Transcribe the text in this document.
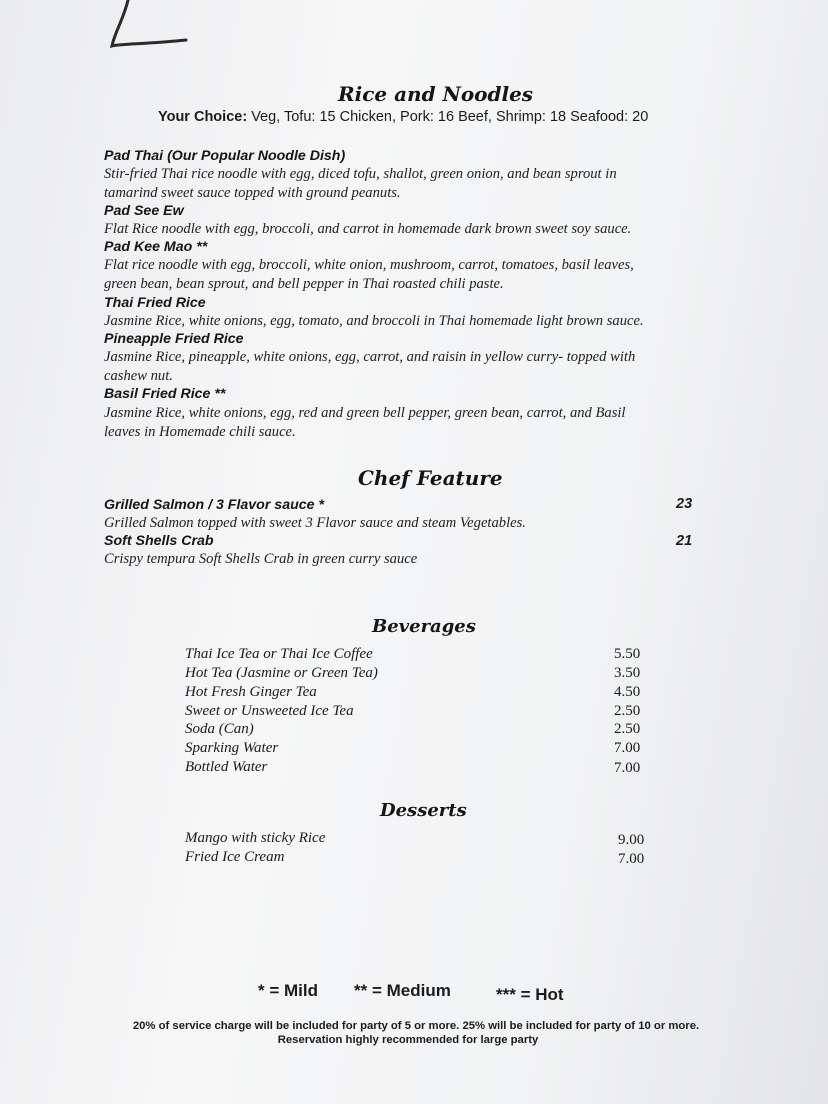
Rice and Noodles
Your Choice: Veg, Tofu: 15 Chicken, Pork: 16 Beef, Shrimp: 18 Seafood: 20
Pad Thai (Our Popular Noodle Dish)
Stir-fried Thai rice noodle with egg, diced tofu, shallot, green onion, and bean sprout in
tamarind sweet sauce topped with ground peanuts.
Pad See Ew
Flat Rice noodle with egg, broccoli, and carrot in homemade dark brown sweet soy sauce.
Pad Kee Mao **
Flat rice noodle with egg, broccoli, white onion, mushroom, carrot, tomatoes, basil leaves,
green bean, bean sprout, and bell pepper in Thai roasted chili paste.
Thai Fried Rice
Jasmine Rice, white onions, egg, tomato, and broccoli in Thai homemade light brown sauce.
Pineapple Fried Rice
Jasmine Rice, pineapple, white onions, egg, carrot, and raisin in yellow curry- topped with
cashew nut.
Basil Fried Rice **
Jasmine Rice, white onions, egg, red and green bell pepper, green bean, carrot, and Basil
leaves in Homemade chili sauce.
Chef Feature
Grilled Salmon / 3 Flavor sauce *	23
Grilled Salmon topped with sweet 3 Flavor sauce and steam Vegetables.
Soft Shells Crab	21
Crispy tempura Soft Shells Crab in green curry sauce
Beverages
Thai Ice Tea or Thai Ice Coffee	5.50
Hot Tea (Jasmine or Green Tea)	3.50
Hot Fresh Ginger Tea	4.50
Sweet or Unsweeted Ice Tea	2.50
Soda (Can)	2.50
Sparking Water	7.00
Bottled Water	7.00
Desserts
Mango with sticky Rice	9.00
Fried Ice Cream	7.00
* = Mild ** = Medium	*** = Hot
20% of service charge will be included for party of 5 or more. 25% will be included for party of 10 or more.
Reservation highly recommended for large party
